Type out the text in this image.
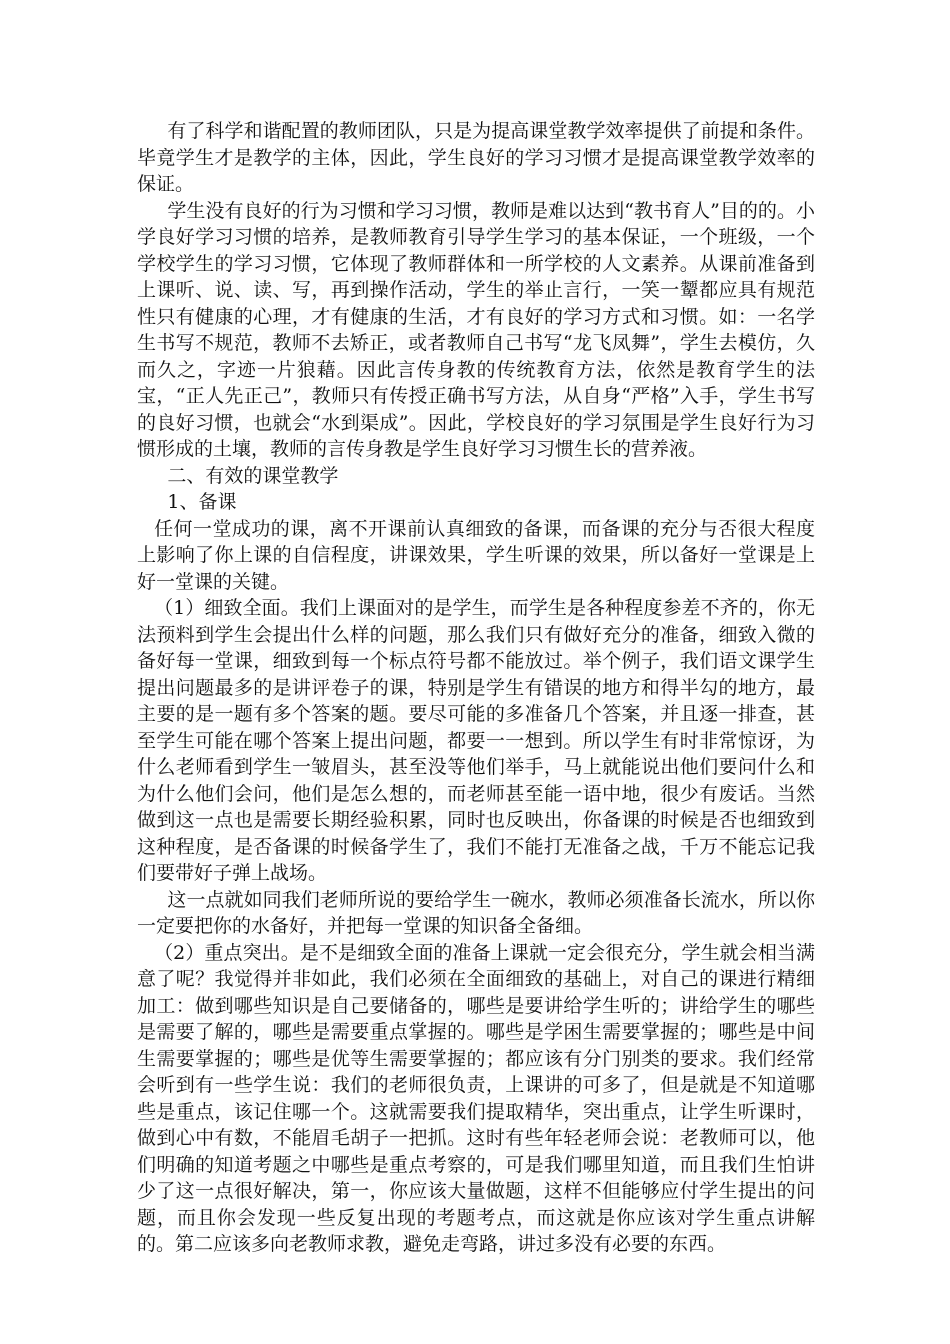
有了科学和谐配置的教师团队，只是为提高课堂教学效率提供了前提和条件。毕竟学生才是教学的主体，因此，学生良好的学习习惯才是提高课堂教学效率的保证。

学生没有良好的行为习惯和学习习惯，教师是难以达到“教书育人”目的的。小学良好学习习惯的培养，是教师教育引导学生学习的基本保证，一个班级，一个学校学生的学习习惯，它体现了教师群体和一所学校的人文素养。从课前准备到上课听、说、读、写，再到操作活动，学生的举止言行，一笑一颦都应具有规范性只有健康的心理，才有健康的生活，才有良好的学习方式和习惯。如：一名学生书写不规范，教师不去矫正，或者教师自己书写“龙飞凤舞”，学生去模仿，久而久之，字迹一片狼藉。因此言传身教的传统教育方法，依然是教育学生的法宝，“正人先正己”，教师只有传授正确书写方法，从自身“严格”入手，学生书写的良好习惯，也就会“水到渠成”。因此，学校良好的学习氛围是学生良好行为习惯形成的土壤，教师的言传身教是学生良好学习习惯生长的营养液。

二、有效的课堂教学

1、备课

任何一堂成功的课，离不开课前认真细致的备课，而备课的充分与否很大程度上影响了你上课的自信程度，讲课效果，学生听课的效果，所以备好一堂课是上好一堂课的关键。

（1）细致全面。我们上课面对的是学生，而学生是各种程度参差不齐的，你无法预料到学生会提出什么样的问题，那么我们只有做好充分的准备，细致入微的备好每一堂课，细致到每一个标点符号都不能放过。举个例子，我们语文课学生提出问题最多的是讲评卷子的课，特别是学生有错误的地方和得半勾的地方，最主要的是一题有多个答案的题。要尽可能的多准备几个答案，并且逐一排查，甚至学生可能在哪个答案上提出问题，都要一一想到。所以学生有时非常惊讶，为什么老师看到学生一皱眉头，甚至没等他们举手，马上就能说出他们要问什么和为什么他们会问，他们是怎么想的，而老师甚至能一语中地，很少有废话。当然做到这一点也是需要长期经验积累，同时也反映出，你备课的时候是否也细致到这种程度，是否备课的时候备学生了，我们不能打无准备之战，千万不能忘记我们要带好子弹上战场。

这一点就如同我们老师所说的要给学生一碗水，教师必须准备长流水，所以你一定要把你的水备好，并把每一堂课的知识备全备细。

（2）重点突出。是不是细致全面的准备上课就一定会很充分，学生就会相当满意了呢？我觉得并非如此，我们必须在全面细致的基础上，对自己的课进行精细加工：做到哪些知识是自己要储备的，哪些是要讲给学生听的；讲给学生的哪些是需要了解的，哪些是需要重点掌握的。哪些是学困生需要掌握的；哪些是中间生需要掌握的；哪些是优等生需要掌握的；都应该有分门别类的要求。我们经常会听到有一些学生说：我们的老师很负责，上课讲的可多了，但是就是不知道哪些是重点，该记住哪一个。这就需要我们提取精华，突出重点，让学生听课时，做到心中有数，不能眉毛胡子一把抓。这时有些年轻老师会说：老教师可以，他们明确的知道考题之中哪些是重点考察的，可是我们哪里知道，而且我们生怕讲少了这一点很好解决，第一，你应该大量做题，这样不但能够应付学生提出的问题，而且你会发现一些反复出现的考题考点，而这就是你应该对学生重点讲解的。第二应该多向老教师求教，避免走弯路，讲过多没有必要的东西。
